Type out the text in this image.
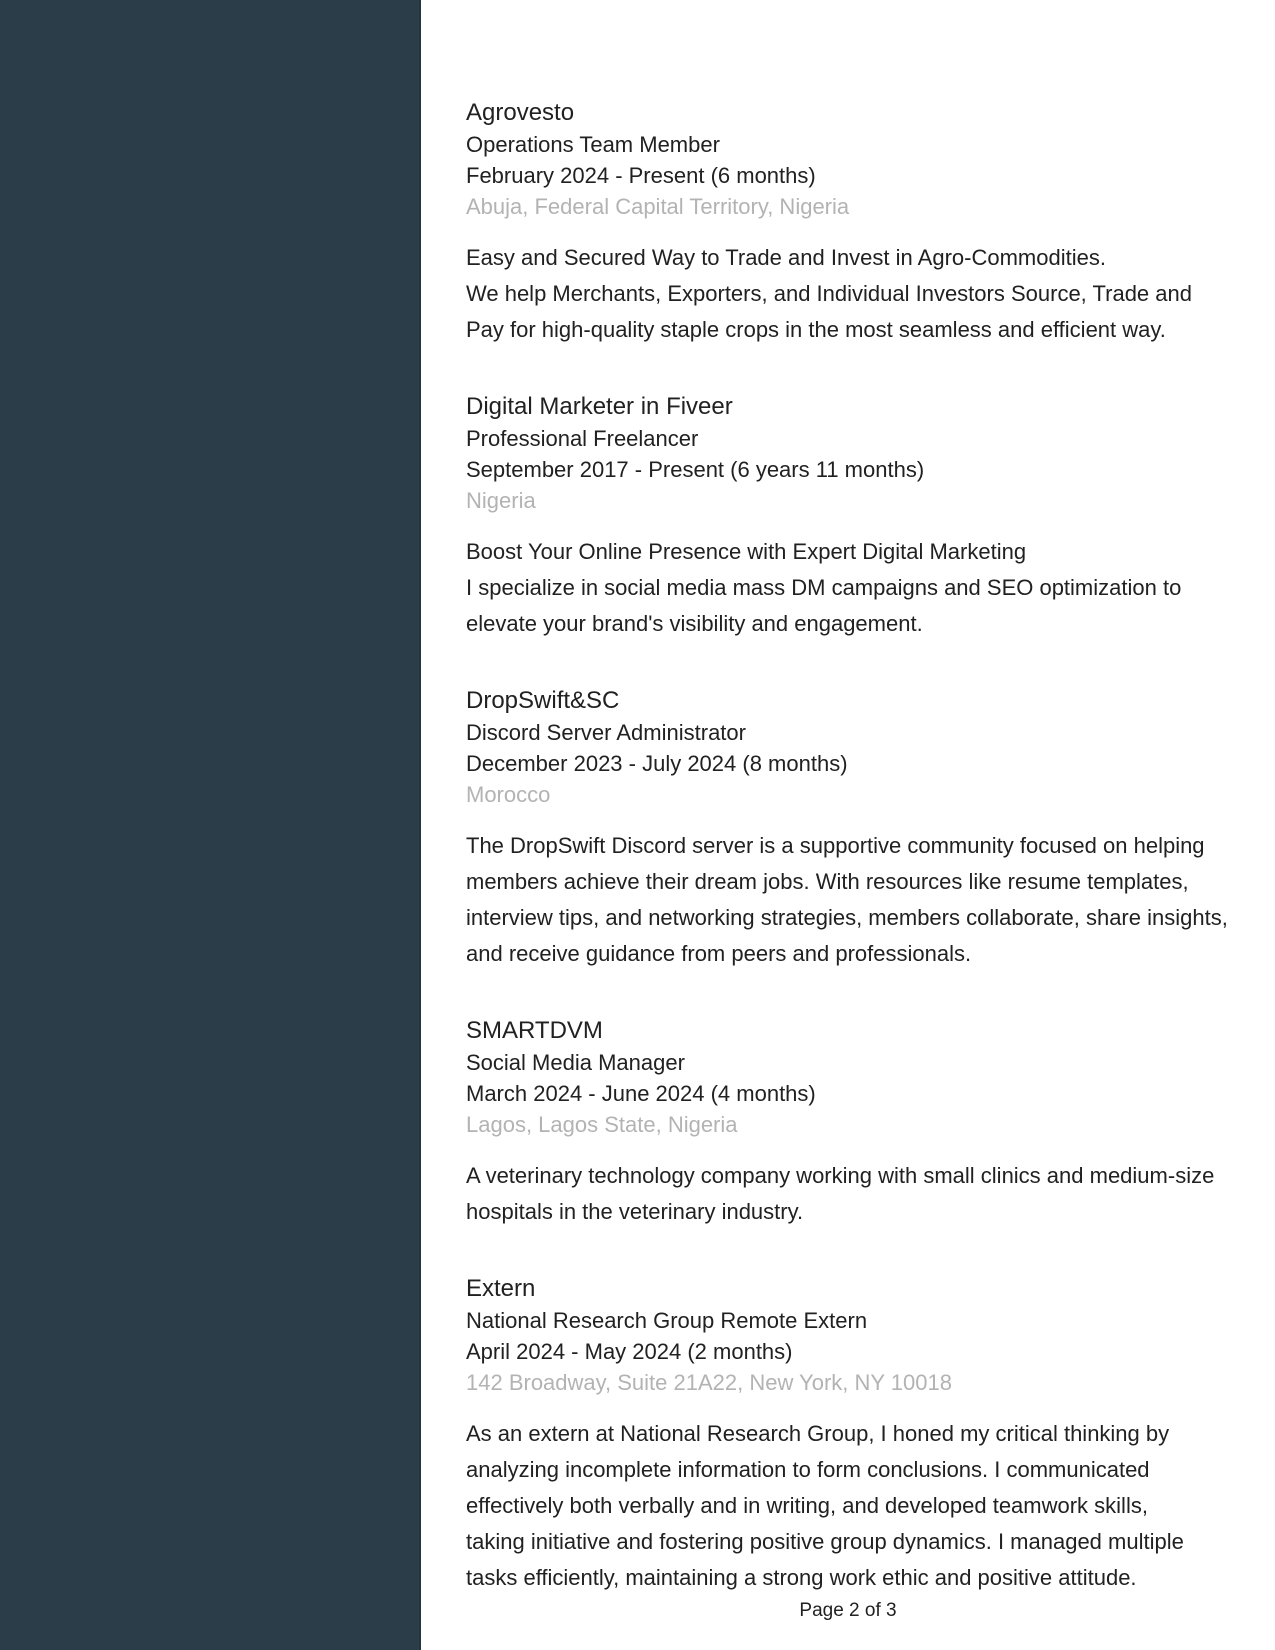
Agrovesto
Operations Team Member
February 2024 - Present (6 months)
Abuja, Federal Capital Territory, Nigeria
Easy and Secured Way to Trade and Invest in Agro-Commodities.
We help Merchants, Exporters, and Individual Investors Source, Trade and
Pay for high-quality staple crops in the most seamless and efficient way.
Digital Marketer in Fiveer
Professional Freelancer
September 2017 - Present (6 years 11 months)
Nigeria
Boost Your Online Presence with Expert Digital Marketing
I specialize in social media mass DM campaigns and SEO optimization to
elevate your brand's visibility and engagement.
DropSwift&SC
Discord Server Administrator
December 2023 - July 2024 (8 months)
Morocco
The DropSwift Discord server is a supportive community focused on helping
members achieve their dream jobs. With resources like resume templates,
interview tips, and networking strategies, members collaborate, share insights,
and receive guidance from peers and professionals.
SMARTDVM
Social Media Manager
March 2024 - June 2024 (4 months)
Lagos, Lagos State, Nigeria
A veterinary technology company working with small clinics and medium-size
hospitals in the veterinary industry.
Extern
National Research Group Remote Extern
April 2024 - May 2024 (2 months)
142 Broadway, Suite 21A22, New York, NY 10018
As an extern at National Research Group, I honed my critical thinking by
analyzing incomplete information to form conclusions. I communicated
effectively both verbally and in writing, and developed teamwork skills,
taking initiative and fostering positive group dynamics. I managed multiple
tasks efficiently, maintaining a strong work ethic and positive attitude.
Page 2 of 3
